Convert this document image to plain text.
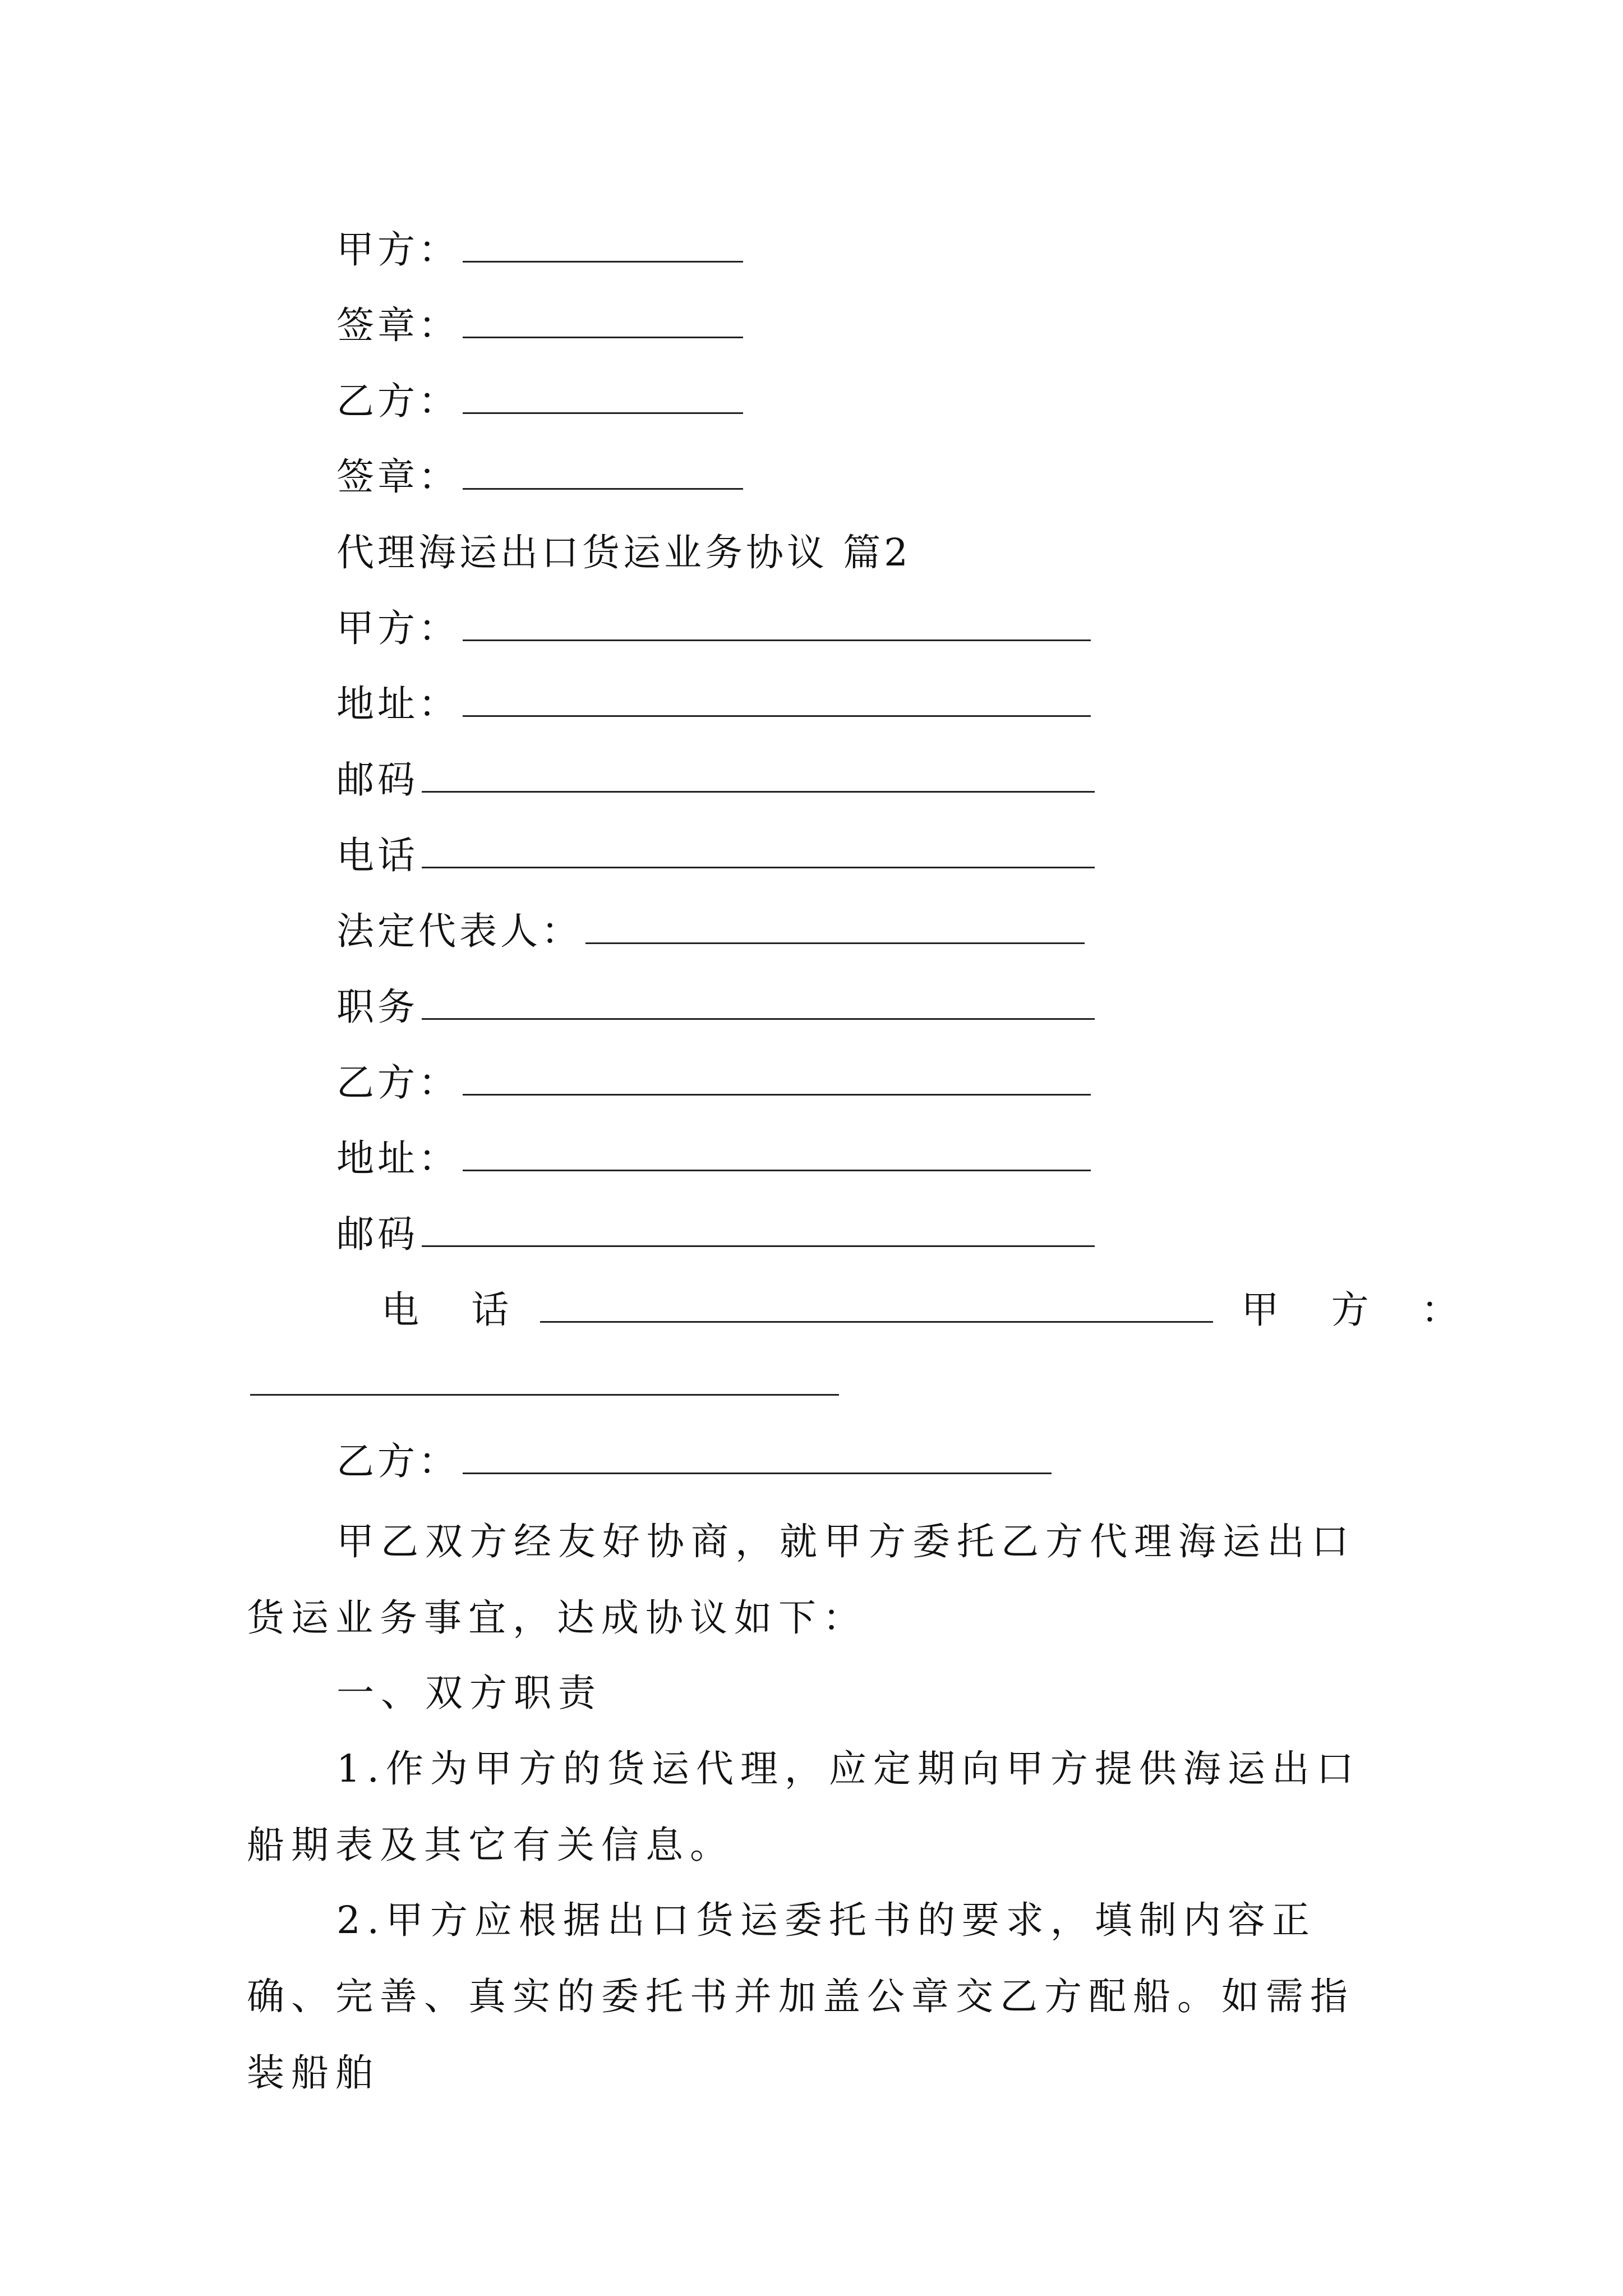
甲方：
签章：
乙方：
签章：
代理海运出口货运业务协议 篇2
甲方：
地址：
邮码
电话
法定代表人：
职务
乙方：
地址：
邮码
电 话	甲 方 ：
乙方：

甲乙双方经友好协商，就甲方委托乙方代理海运出口货运业务事宜，达成协议如下：

一、双方职责

1.作为甲方的货运代理，应定期向甲方提供海运出口船期表及其它有关信息。

2.甲方应根据出口货运委托书的要求，填制内容正确、完善、真实的委托书并加盖公章交乙方配船。如需指装船舶
